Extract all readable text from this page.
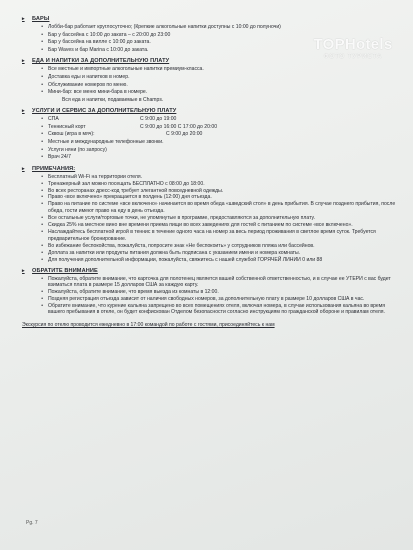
TOPHotels
ФОТО ТУРИСТА
▸	БАРЫ
• Лобби-бар работает круглосуточно; (Крепкие алкогольные напитки доступны с 10:00 до полуночи)
• Бар у бассейна с 10:00 до заката – с 20:00 до 23:00
• Бар у бассейна на вилле с 10:00 до заката.
• Бар Waves и бар Marina с 10:00 до заката.
▸	ЕДА И НАПИТКИ ЗА ДОПОЛНИТЕЛЬНУЮ ПЛАТУ
• Все местные и импортные алкогольные напитки премиум-класса.
• Доставка еды и напитков в номер.
• Обслуживание номеров по меню.
• Мини-бар: все меню мини-бара в номере.
Вся еда и напитки, подаваемые в Champs.
▸	УСЛУГИ И СЕРВИС ЗА ДОПОЛНИТЕЛЬНУЮ ПЛАТУ
• СПА	С 9:00 до 19:00
• Теннисный корт	С 9:00 до 16:00 С 17:00 до 20:00
• Сквош (игра в мяч):	С 9:00 до 20:00
• Местные и международные телефонные звонки.
• Услуги няни (по запросу)
• Врач 24/7
▸	ПРИМЕЧАНИЯ:
• Бесплатный Wi-Fi на территории отеля.
• Тренажерный зал можно посещать БЕСПЛАТНО с 08:00 до 18:00.
• Во всех ресторанах дресс-код требует элегантной повседневной одежды.
• Право «все включено» прекращается в полдень (12:00) дня отъезда.
• Право на питание по системе «все включено» начинается во время обеда «шведский стол» в день прибытия. В случае позднего прибытия, после обеда, гости имеют право на еду в день отъезда.
• Все остальные услуги/торговые точки, не упомянутые в программе, предоставляются за дополнительную плату.
• Скидка 25% на местное вино вне времени приема пищи во всех заведениях для гостей с питанием по системе «все включено».
• Наслаждайтесь бесплатной игрой в теннис в течение одного часа на номер за весь период проживания в светлое время суток. Требуется предварительное бронирование.
• Во избежание беспокойства, пожалуйста, попросите знак «Не беспокоить» у сотрудников пляжа или бассейнов.
• Доплата за напитки или продукты питания должна быть подписана с указанием имени и номера комнаты.
• Для получения дополнительной информации, пожалуйста, свяжитесь с нашей службой ГОРЯЧЕЙ ЛИНИИ 0 или 88
▸	ОБРАТИТЕ ВНИМАНИЕ
• Пожалуйста, обратите внимание, что карточка для полотенец является вашей собственной ответственностью, и в случае ее УТЕРИ с вас будет взиматься плата в размере 15 долларов США за каждую карту.
• Пожалуйста, обратите внимание, что время выезда из комнаты в 12:00.
• Поздняя регистрация отъезда зависит от наличия свободных номеров, за дополнительную плату в размере 10 долларов США в час.
• Обратите внимание, что курение кальяна запрещено во всех помещениях отеля, включая номера, в случае использования кальяна во время вашего пребывания в отеле, он будет конфискован Отделом безопасности согласно инструкциям по гражданской обороне и правилам отеля.
Экскурсия по отелю проводится ежедневно в 17:00 командой по работе с гостями, присоединяйтесь к нам
Pg. 7
